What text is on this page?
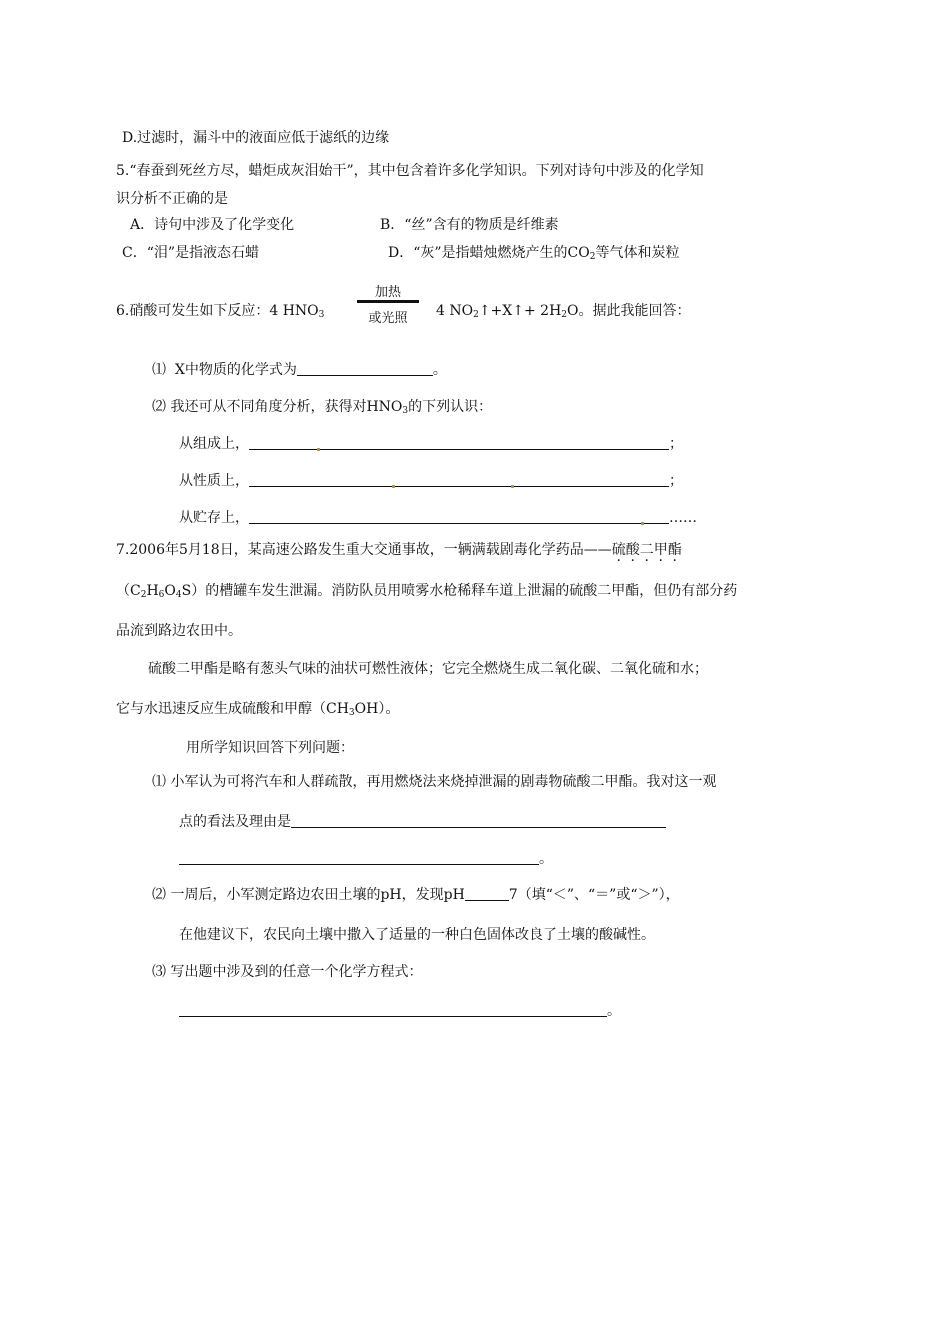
D.过滤时，漏斗中的液面应低于滤纸的边缘
5.“春蚕到死丝方尽，蜡炬成灰泪始干”，其中包含着许多化学知识。下列对诗句中涉及的化学知
识分析不正确的是
A．诗句中涉及了化学变化	B．“丝”含有的物质是纤维素
C．“泪”是指液态石蜡	D．“灰”是指蜡烛燃烧产生的$CO_2$等气体和炭粒
加热
或光照
6.硝酸可发生如下反应：4 $HNO_3$	4 $NO_2↑+X↑+ 2H_2O$。据此我能回答：
⑴ X中物质的化学式为	。
⑵ 我还可从不同角度分析，获得对$HNO_3$的下列认识：
从组成上，	；
从性质上，	；
从贮存上，	……
7.2006年5月18日，某高速公路发生重大交通事故，一辆满载剧毒化学药品——硫酸二甲酯
$(C_2H_6O_4S)$的槽罐车发生泄漏。消防队员用喷雾水枪稀释车道上泄漏的硫酸二甲酯，但仍有部分药
品流到路边农田中。
硫酸二甲酯是略有葱头气味的油状可燃性液体；它完全燃烧生成二氧化碳、二氧化硫和水；
它与水迅速反应生成硫酸和甲醇$(CH_3OH)$。
用所学知识回答下列问题：
⑴ 小军认为可将汽车和人群疏散，再用燃烧法来烧掉泄漏的剧毒物硫酸二甲酯。我对这一观
点的看法及理由是
。
⑵ 一周后，小军测定路边农田土壤的pH，发现pH	7（填“＜”、“＝”或“＞”），
在他建议下，农民向土壤中撒入了适量的一种白色固体改良了土壤的酸碱性。
⑶ 写出题中涉及到的任意一个化学方程式：
。
